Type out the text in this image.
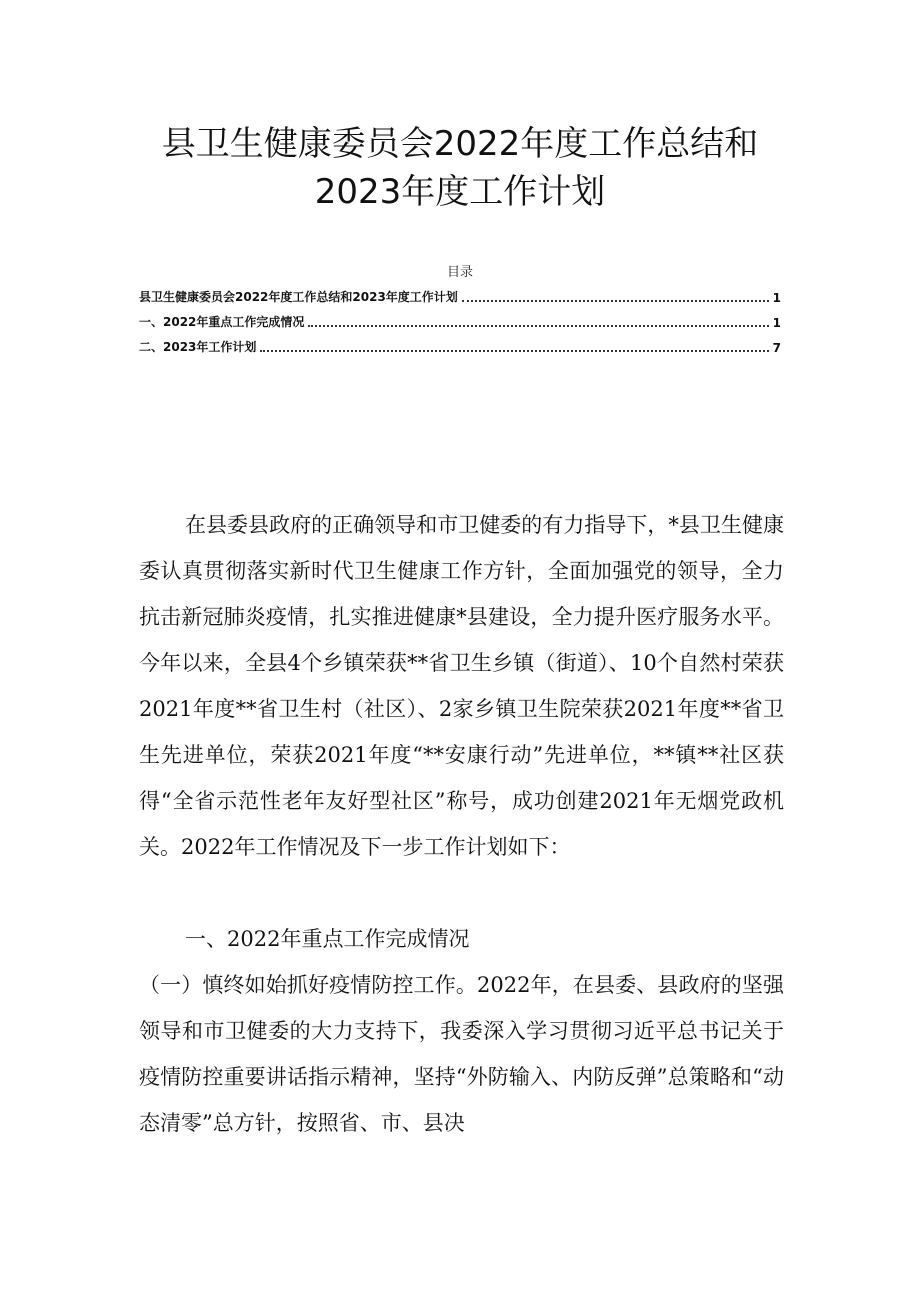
县卫生健康委员会2022年度工作总结和
2023年度工作计划
目录
县卫生健康委员会2022年度工作总结和2023年度工作计划	1
一、2022年重点工作完成情况	1
二、2023年工作计划	7

在县委县政府的正确领导和市卫健委的有力指导下，*县卫生健康委认真贯彻落实新时代卫生健康工作方针，全面加强党的领导，全力抗击新冠肺炎疫情，扎实推进健康*县建设，全力提升医疗服务水平。今年以来，全县4个乡镇荣获**省卫生乡镇（街道）、10个自然村荣获2021年度**省卫生村（社区）、2家乡镇卫生院荣获2021年度**省卫生先进单位，荣获2021年度“**安康行动”先进单位，**镇**社区获得“全省示范性老年友好型社区”称号，成功创建2021年无烟党政机关。2022年工作情况及下一步工作计划如下：

一、2022年重点工作完成情况

（一）慎终如始抓好疫情防控工作。2022年，在县委、县政府的坚强领导和市卫健委的大力支持下，我委深入学习贯彻习近平总书记关于疫情防控重要讲话指示精神，坚持“外防输入、内防反弹”总策略和“动态清零”总方针，按照省、市、县决
